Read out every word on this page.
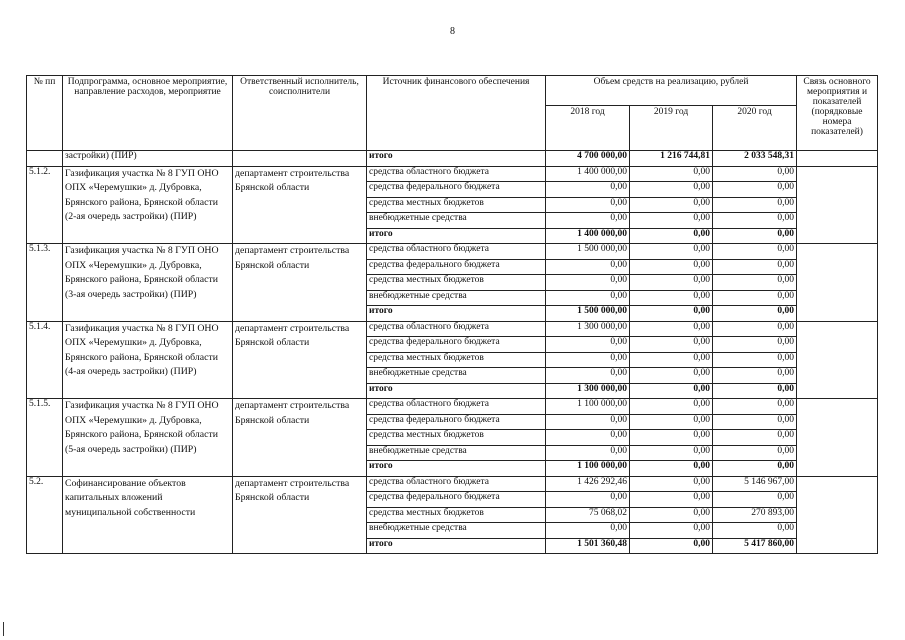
8
№ пп	Подпрограмма, основное мероприятие, направление расходов, мероприятие	Ответственный исполнитель, соисполнители	Источник финансового обеспечения	Объем средств на реализацию, рублей			Связь основного мероприятия и показателей (порядковые номера показателей)
				2018 год	2019 год	2020 год	
	застройки) (ПИР)		итого	4 700 000,00	1 216 744,81	2 033 548,31	
5.1.2.	Газификация участка № 8 ГУП ОНО ОПХ «Черемушки» д. Дубровка, Брянского района, Брянской области (2-ая очередь застройки) (ПИР)	департамент строительства Брянской области	средства областного бюджета	1 400 000,00	0,00	0,00	
			средства федерального бюджета	0,00	0,00	0,00	
			средства местных бюджетов	0,00	0,00	0,00	
			внебюджетные средства	0,00	0,00	0,00	
			итого	1 400 000,00	0,00	0,00	
5.1.3.	Газификация участка № 8 ГУП ОНО ОПХ «Черемушки» д. Дубровка, Брянского района, Брянской области (3-ая очередь застройки) (ПИР)	департамент строительства Брянской области	средства областного бюджета	1 500 000,00	0,00	0,00	
			средства федерального бюджета	0,00	0,00	0,00	
			средства местных бюджетов	0,00	0,00	0,00	
			внебюджетные средства	0,00	0,00	0,00	
			итого	1 500 000,00	0,00	0,00	
5.1.4.	Газификация участка № 8 ГУП ОНО ОПХ «Черемушки» д. Дубровка, Брянского района, Брянской области (4-ая очередь застройки) (ПИР)	департамент строительства Брянской области	средства областного бюджета	1 300 000,00	0,00	0,00	
			средства федерального бюджета	0,00	0,00	0,00	
			средства местных бюджетов	0,00	0,00	0,00	
			внебюджетные средства	0,00	0,00	0,00	
			итого	1 300 000,00	0,00	0,00	
5.1.5.	Газификация участка № 8 ГУП ОНО ОПХ «Черемушки» д. Дубровка, Брянского района, Брянской области (5-ая очередь застройки) (ПИР)	департамент строительства Брянской области	средства областного бюджета	1 100 000,00	0,00	0,00	
			средства федерального бюджета	0,00	0,00	0,00	
			средства местных бюджетов	0,00	0,00	0,00	
			внебюджетные средства	0,00	0,00	0,00	
			итого	1 100 000,00	0,00	0,00	
5.2.	Софинансирование объектов капитальных вложений муниципальной собственности	департамент строительства Брянской области	средства областного бюджета	1 426 292,46	0,00	5 146 967,00	
			средства федерального бюджета	0,00	0,00	0,00	
			средства местных бюджетов	75 068,02	0,00	270 893,00	
			внебюджетные средства	0,00	0,00	0,00	
			итого	1 501 360,48	0,00	5 417 860,00	
